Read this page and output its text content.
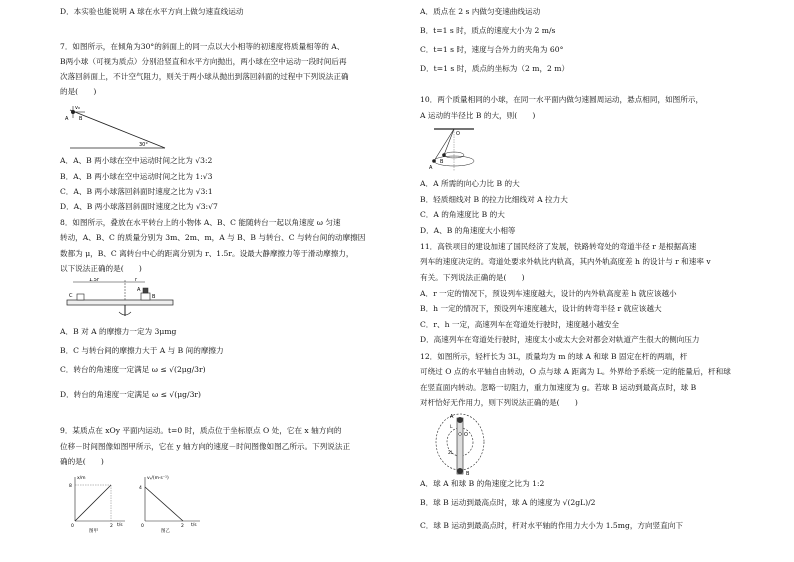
D．本实验也能说明 A 球在水平方向上做匀速直线运动
7．如图所示，在倾角为30°的斜面上的同一点以大小相等的初速度将质量相等的 A、
B两小球（可视为质点）分别沿竖直和水平方向抛出，两小球在空中运动一段时间后再
次落回斜面上，不计空气阻力，则关于两小球从抛出到落回斜面的过程中下列说法正确
的是(　　)
v₀
A B
30°
A．A、B 两小球在空中运动时间之比为 √3:2
B．A、B 两小球在空中运动时间之比为 1:√3
C．A、B 两小球落回斜面时速度之比为 √3:1
D．A、B 两小球落回斜面时速度之比为 √3:√7
8．如图所示，叠放在水平转台上的小物体 A、B、C 能随转台一起以角速度 ω 匀速
转动，A、B、C 的质量分别为 3m、2m、m，A 与 B、B 与转台、C 与转台间的动摩擦因
数都为 μ，B、C 离转台中心的距离分别为 r、1.5r。设最大静摩擦力等于滑动摩擦力，
以下说法正确的是(　　)
1.5r	r
C
A
B
A．B 对 A 的摩擦力一定为 3μmg
B．C 与转台间的摩擦力大于 A 与 B 间的摩擦力
C．转台的角速度一定满足 ω ≤ √(2μg/3r)
D．转台的角速度一定满足 ω ≤ √(μg/3r)
9．某质点在 xOy 平面内运动。t=0 时，质点位于坐标原点 O 处，它在 x 轴方向的
位移－时间图像如图甲所示，它在 y 轴方向的速度－时间图像如图乙所示。下列说法正
确的是(　　)
x/m
8
0	2 t/s
图甲
vᵧ/(m·s⁻¹)
4
0	2 t/s
图乙
A．质点在 2 s 内做匀变速曲线运动
B．t=1 s 时，质点的速度大小为 2 m/s
C．t=1 s 时，速度与合外力的夹角为 60°
D．t=1 s 时，质点的坐标为（2 m，2 m）
10．两个质量相同的小球，在同一水平面内做匀速圆周运动，悬点相同，如图所示，
A 运动的半径比 B 的大，则(　　)
O
A
B
A．A 所需的向心力比 B 的大
B．轻质细线对 B 的拉力比细线对 A 拉力大
C．A 的角速度比 B 的大
D．A、B 的角速度大小相等
11．高铁项目的建设加速了国民经济了发展，铁路转弯处的弯道半径 r 是根据高速
列车的速度决定的。弯道处要求外轨比内轨高，其内外轨高度差 h 的设计与 r 和速率 v
有关。下列说法正确的是(　　)
A．r 一定的情况下，预设列车速度越大，设计的内外轨高度差 h 就应该越小
B．h 一定的情况下，预设列车速度越大，设计的转弯半径 r 就应该越大
C．r、h 一定，高速列车在弯道处行驶时，速度越小越安全
D．高速列车在弯道处行驶时，速度太小或太大会对都会对轨道产生很大的侧向压力
12．如图所示，轻杆长为 3L，质量均为 m 的球 A 和球 B 固定在杆的两端，杆
可绕过 O 点的水平轴自由转动，O 点与球 A 距离为 L。外界给予系统一定的能量后，杆和球
在竖直面内转动。忽略一切阻力，重力加速度为 g。若球 B 运动到最高点时，球 B
对杆恰好无作用力，则下列说法正确的是(　　)
A
O
L
2L
B
A．球 A 和球 B 的角速度之比为 1:2
B．球 B 运动到最高点时，球 A 的速度为 √(2gL)/2
C．球 B 运动到最高点时，杆对水平轴的作用力大小为 1.5mg，方向竖直向下
